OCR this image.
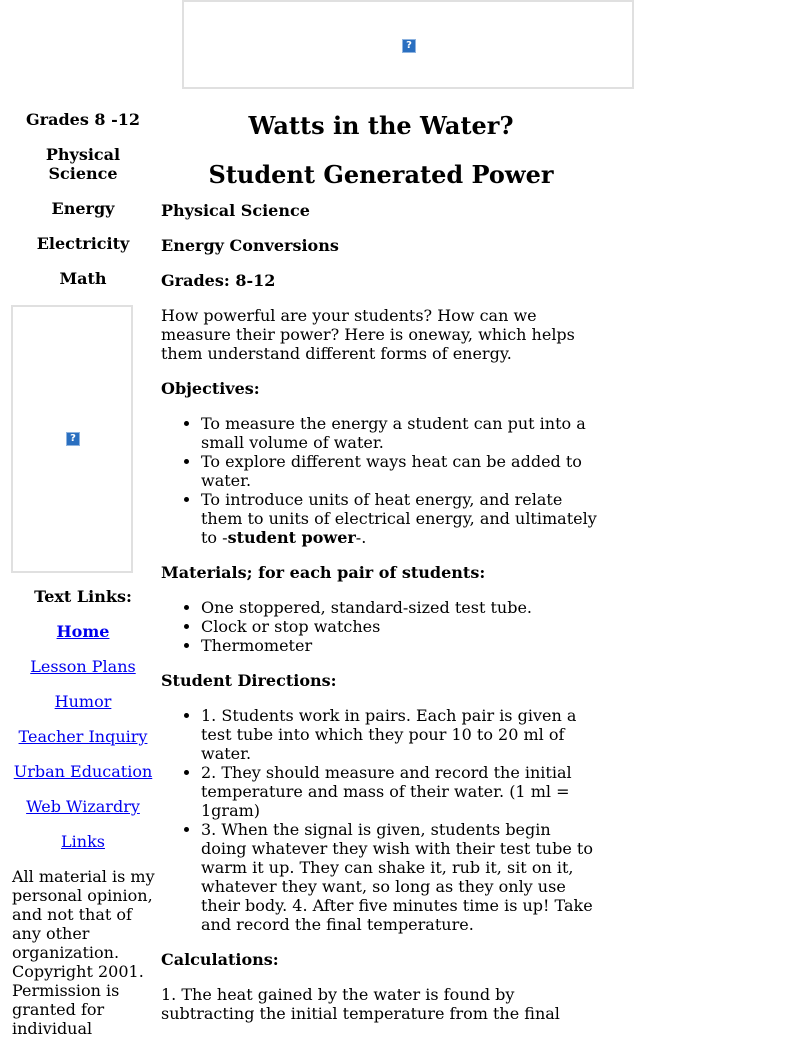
?
Grades 8 -12
Physical Science
Energy
Electricity
Math
Text Links:
Home
Lesson Plans
Humor
Teacher Inquiry
Urban Education
Web Wizardry
Links
?
All material is my personal opinion, and not that of any other organization. Copyright 2001. Permission is granted for individual
Watts in the Water?
Student Generated Power
Physical Science
Energy Conversions
Grades: 8-12

How powerful are your students? How can we measure their power? Here is oneway, which helps them understand different forms of energy.

Objectives:
• To measure the energy a student can put into a small volume of water.
• To explore different ways heat can be added to water.
• To introduce units of heat energy, and relate them to units of electrical energy, and ultimately to -student power-.
Materials; for each pair of students:
• One stoppered, standard-sized test tube.
• Clock or stop watches
• Thermometer
Student Directions:
• 1. Students work in pairs. Each pair is given a test tube into which they pour 10 to 20 ml of water.
• 2. They should measure and record the initial temperature and mass of their water. (1 ml = 1gram)
• 3. When the signal is given, students begin doing whatever they wish with their test tube to warm it up. They can shake it, rub it, sit on it, whatever they want, so long as they only use their body. 4. After five minutes time is up! Take and record the final temperature.
Calculations:

1. The heat gained by the water is found by subtracting the initial temperature from the final
